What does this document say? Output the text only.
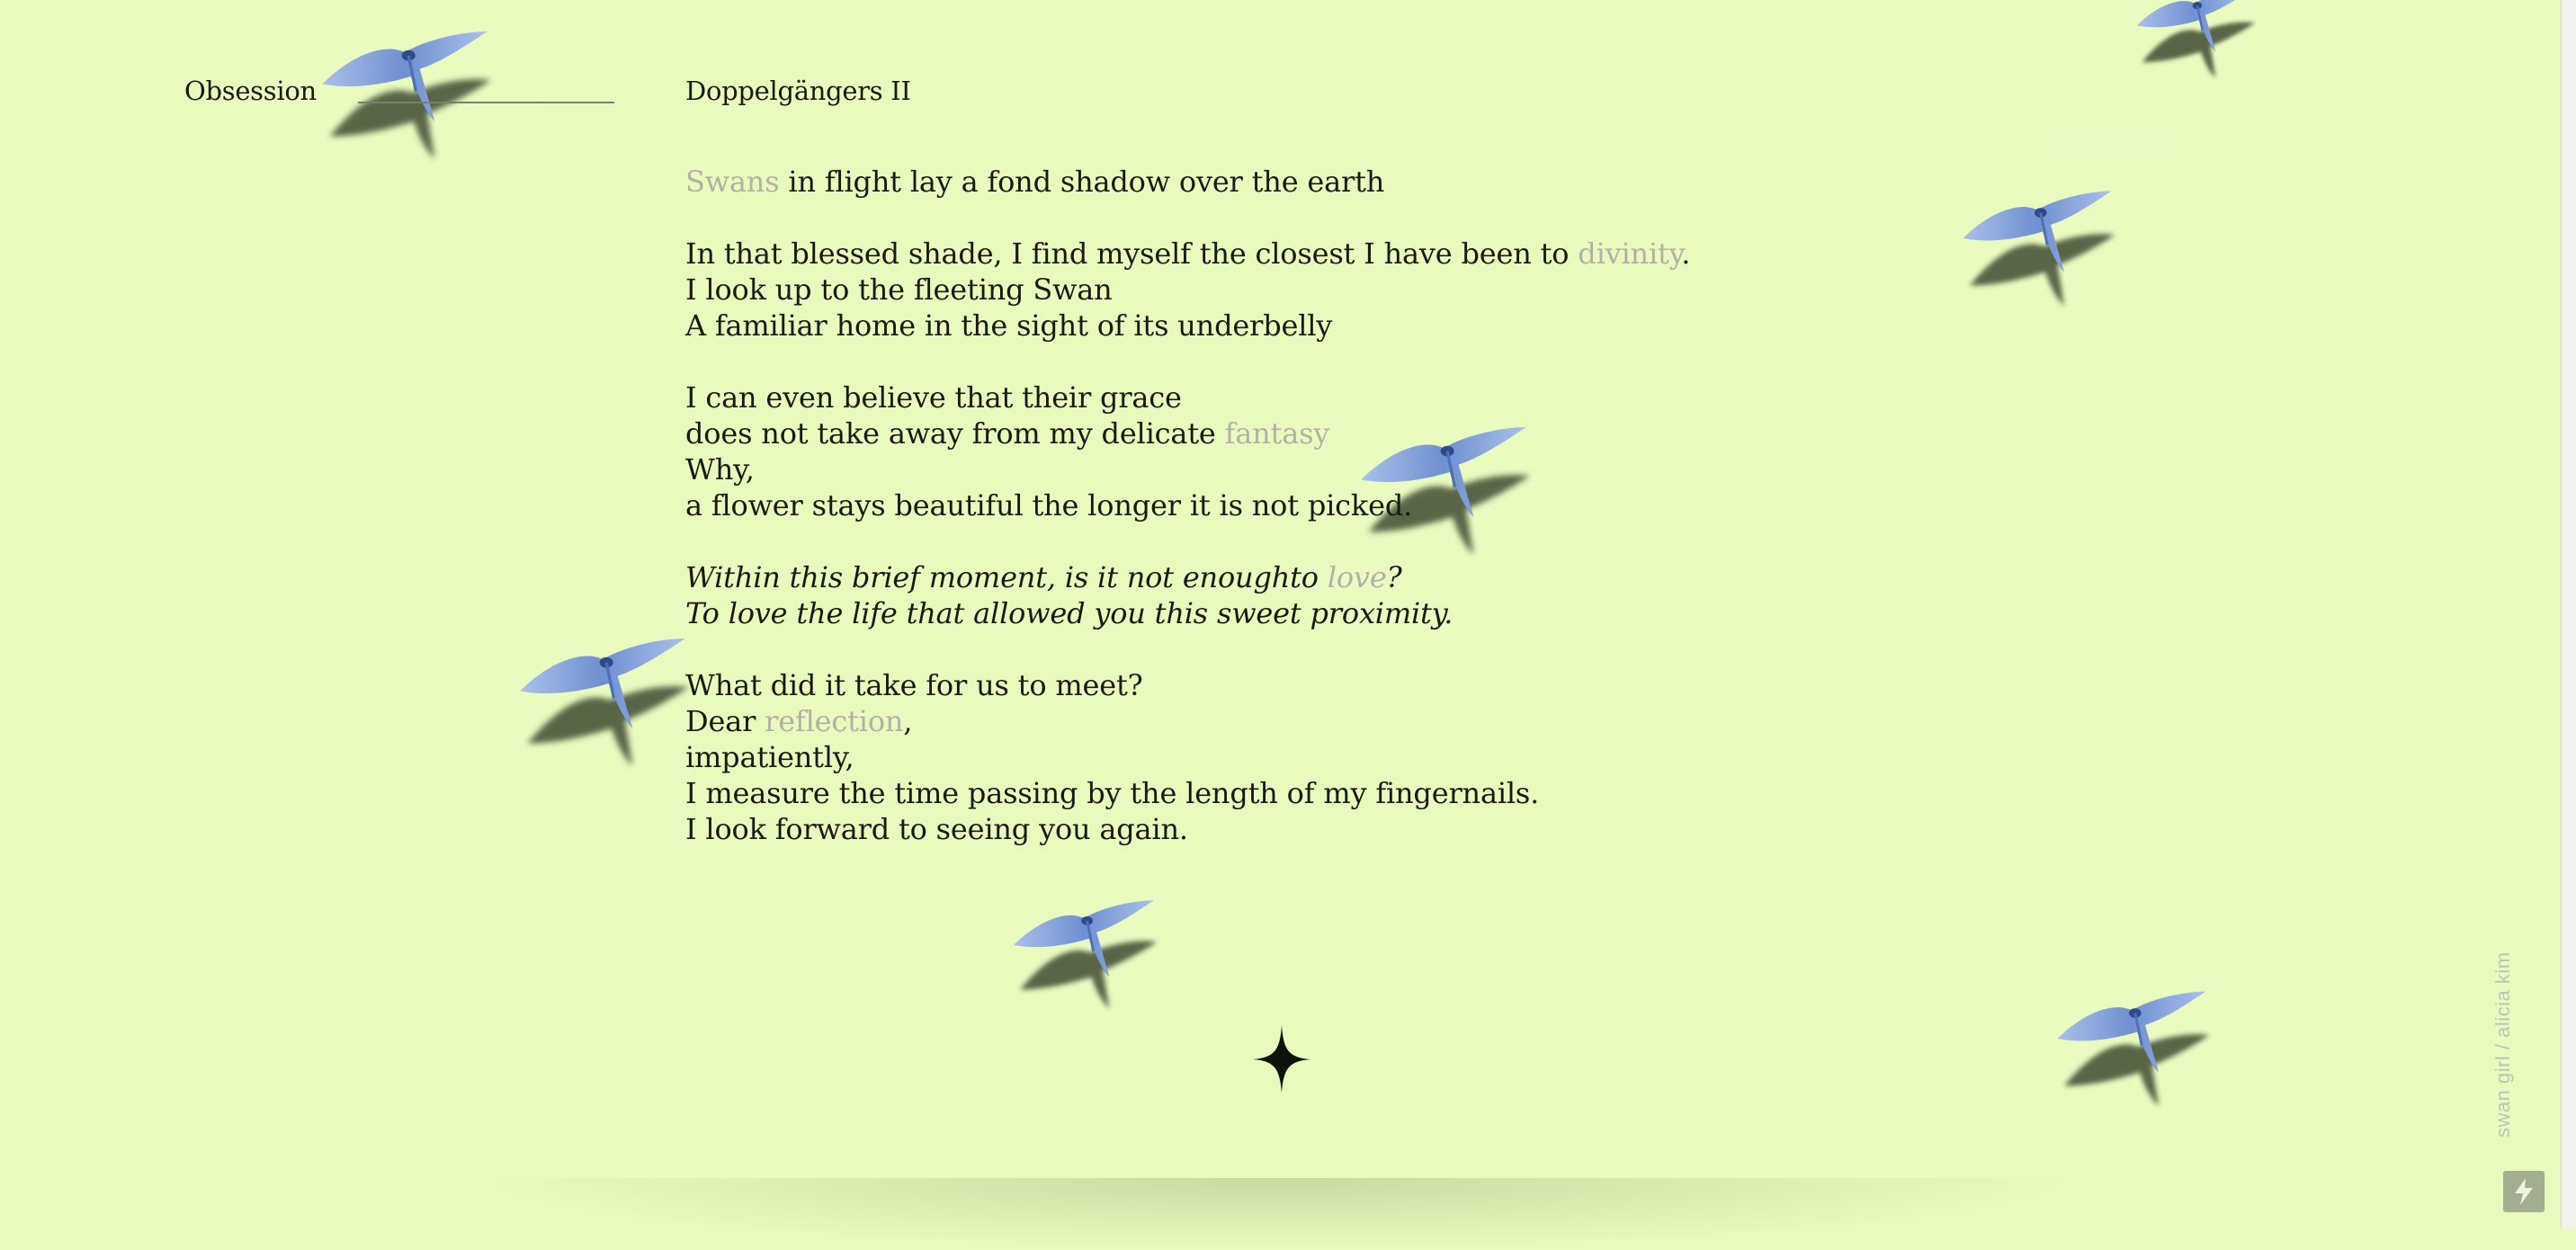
Obsession	Doppelgängers II
Swans in flight lay a fond shadow over the earth
In that blessed shade, I find myself the closest I have been to divinity.
I look up to the fleeting Swan
A familiar home in the sight of its underbelly
I can even believe that their grace
does not take away from my delicate fantasy
Why,
a flower stays beautiful the longer it is not picked.
Within this brief moment, is it not enoughto love?
To love the life that allowed you this sweet proximity.
What did it take for us to meet?
Dear reflection,
impatiently,
I measure the time passing by the length of my fingernails.
I look forward to seeing you again.
swan girl / alicia kim
